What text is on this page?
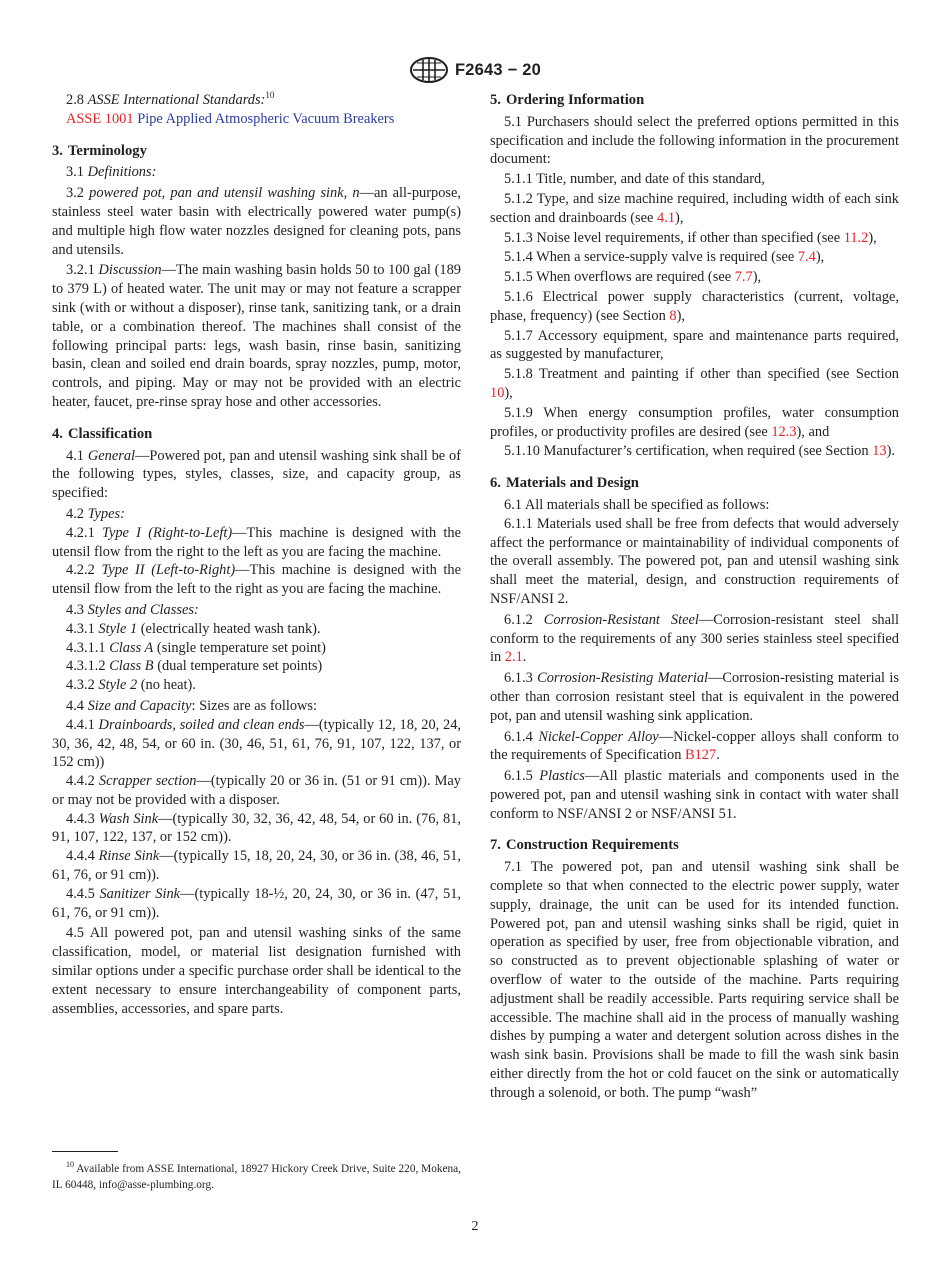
F2643 − 20

2.8 ASSE International Standards:$^{10}$

ASSE 1001 Pipe Applied Atmospheric Vacuum Breakers

3. Terminology

3.1 Definitions:

3.2 powered pot, pan and utensil washing sink, n—an all-purpose, stainless steel water basin with electrically powered water pump(s) and multiple high flow water nozzles designed for cleaning pots, pans and utensils.

3.2.1 Discussion—The main washing basin holds 50 to 100 gal (189 to 379 L) of heated water. The unit may or may not feature a scrapper sink (with or without a disposer), rinse tank, sanitizing tank, or a drain table, or a combination thereof. The machines shall consist of the following principal parts: legs, wash basin, rinse basin, sanitizing basin, clean and soiled end drain boards, spray nozzles, pump, motor, controls, and piping. May or may not be provided with an electric heater, faucet, pre-rinse spray hose and other accessories.

4. Classification

4.1 General—Powered pot, pan and utensil washing sink shall be of the following types, styles, classes, size, and capacity group, as specified:

4.2 Types:

4.2.1 Type I (Right-to-Left)—This machine is designed with the utensil flow from the right to the left as you are facing the machine.

4.2.2 Type II (Left-to-Right)—This machine is designed with the utensil flow from the left to the right as you are facing the machine.

4.3 Styles and Classes:

4.3.1 Style 1 (electrically heated wash tank).

4.3.1.1 Class A (single temperature set point)

4.3.1.2 Class B (dual temperature set points)

4.3.2 Style 2 (no heat).

4.4 Size and Capacity: Sizes are as follows:

4.4.1 Drainboards, soiled and clean ends—(typically 12, 18, 20, 24, 30, 36, 42, 48, 54, or 60 in. (30, 46, 51, 61, 76, 91, 107, 122, 137, or 152 cm))

4.4.2 Scrapper section—(typically 20 or 36 in. (51 or 91 cm)). May or may not be provided with a disposer.

4.4.3 Wash Sink—(typically 30, 32, 36, 42, 48, 54, or 60 in. (76, 81, 91, 107, 122, 137, or 152 cm)).

4.4.4 Rinse Sink—(typically 15, 18, 20, 24, 30, or 36 in. (38, 46, 51, 61, 76, or 91 cm)).

4.4.5 Sanitizer Sink—(typically 18-½, 20, 24, 30, or 36 in. (47, 51, 61, 76, or 91 cm)).

4.5 All powered pot, pan and utensil washing sinks of the same classification, model, or material list designation furnished with similar options under a specific purchase order shall be identical to the extent necessary to ensure interchangeability of component parts, assemblies, accessories, and spare parts.

$^{10}$ Available from ASSE International, 18927 Hickory Creek Drive, Suite 220, Mokena, IL 60448, info@asse-plumbing.org.

5. Ordering Information

5.1 Purchasers should select the preferred options permitted in this specification and include the following information in the procurement document:

5.1.1 Title, number, and date of this standard,

5.1.2 Type, and size machine required, including width of each sink section and drainboards (see 4.1),

5.1.3 Noise level requirements, if other than specified (see 11.2),

5.1.4 When a service-supply valve is required (see 7.4),

5.1.5 When overflows are required (see 7.7),

5.1.6 Electrical power supply characteristics (current, voltage, phase, frequency) (see Section 8),

5.1.7 Accessory equipment, spare and maintenance parts required, as suggested by manufacturer,

5.1.8 Treatment and painting if other than specified (see Section 10),

5.1.9 When energy consumption profiles, water consumption profiles, or productivity profiles are desired (see 12.3), and

5.1.10 Manufacturer’s certification, when required (see Section 13).

6. Materials and Design

6.1 All materials shall be specified as follows:

6.1.1 Materials used shall be free from defects that would adversely affect the performance or maintainability of individual components of the overall assembly. The powered pot, pan and utensil washing sink shall meet the material, design, and construction requirements of NSF/ANSI 2.

6.1.2 Corrosion-Resistant Steel—Corrosion-resistant steel shall conform to the requirements of any 300 series stainless steel specified in 2.1.

6.1.3 Corrosion-Resisting Material—Corrosion-resisting material is other than corrosion resistant steel that is equivalent in the powered pot, pan and utensil washing sink application.

6.1.4 Nickel-Copper Alloy—Nickel-copper alloys shall conform to the requirements of Specification B127.

6.1.5 Plastics—All plastic materials and components used in the powered pot, pan and utensil washing sink in contact with water shall conform to NSF/ANSI 2 or NSF/ANSI 51.

7. Construction Requirements

7.1 The powered pot, pan and utensil washing sink shall be complete so that when connected to the electric power supply, water supply, drainage, the unit can be used for its intended function. Powered pot, pan and utensil washing sinks shall be rigid, quiet in operation as specified by user, free from objectionable vibration, and so constructed as to prevent objectionable splashing of water or overflow of water to the outside of the machine. Parts requiring adjustment shall be readily accessible. Parts requiring service shall be accessible. The machine shall aid in the process of manually washing dishes by pumping a water and detergent solution across dishes in the wash sink basin. Provisions shall be made to fill the wash sink basin either directly from the hot or cold faucet on the sink or automatically through a solenoid, or both. The pump “wash”

2
